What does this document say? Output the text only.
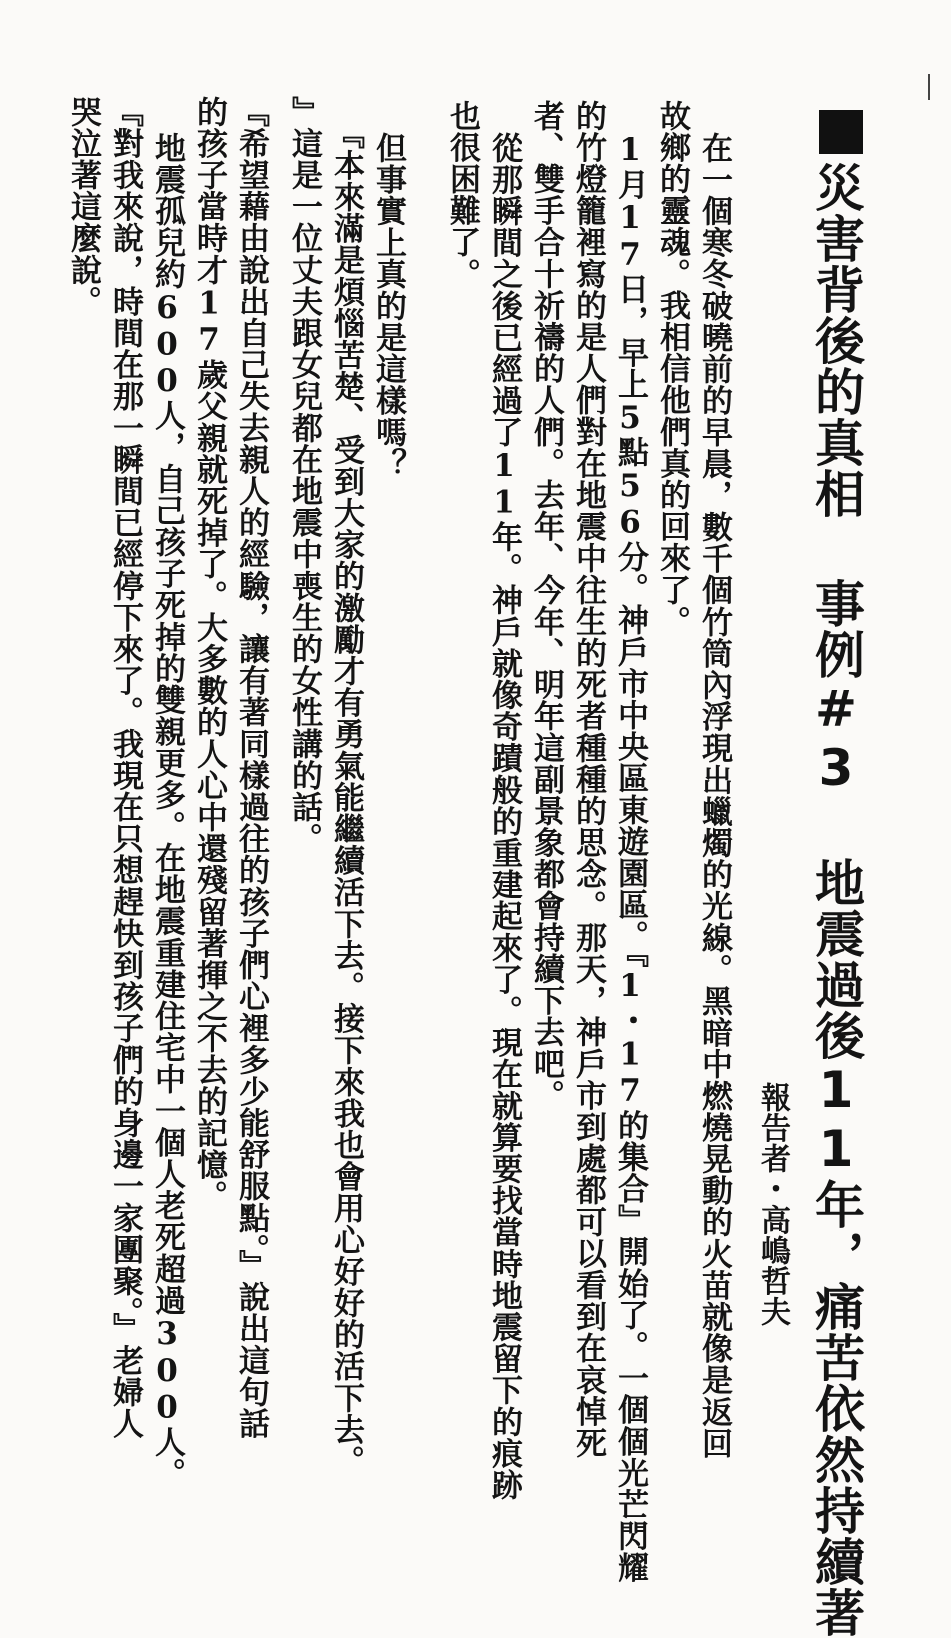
災害背後的真相 事例#3 地震過後11年，痛苦依然持續著
報告者・高嶋哲夫
在一個寒冬破曉前的早晨，數千個竹筒內浮現出蠟燭的光線。黑暗中燃燒晃動的火苗就像是返回
故鄉的靈魂。我相信他們真的回來了。
1月17日，早上5點56分。神戶市中央區東遊園區。『1・17的集合』開始了。一個個光芒閃耀
的竹燈籠裡寫的是人們對在地震中往生的死者種種的思念。那天，神戶市到處都可以看到在哀悼死
者、雙手合十祈禱的人們。去年、今年、明年這副景象都會持續下去吧。
從那瞬間之後已經過了11年。神戶就像奇蹟般的重建起來了。現在就算要找當時地震留下的痕跡
也很困難了。
但事實上真的是這樣嗎？
『本來滿是煩惱苦楚、受到大家的激勵才有勇氣能繼續活下去。接下來我也會用心好好的活下去。
』這是一位丈夫跟女兒都在地震中喪生的女性講的話。
『希望藉由說出自己失去親人的經驗，讓有著同樣過往的孩子們心裡多少能舒服點。』說出這句話
的孩子當時才17歲父親就死掉了。大多數的人心中還殘留著揮之不去的記憶。
地震孤兒約600人，自己孩子死掉的雙親更多。在地震重建住宅中一個人老死超過300人。
『對我來說，時間在那一瞬間已經停下來了。我現在只想趕快到孩子們的身邊一家團聚。』老婦人
哭泣著這麼說。
